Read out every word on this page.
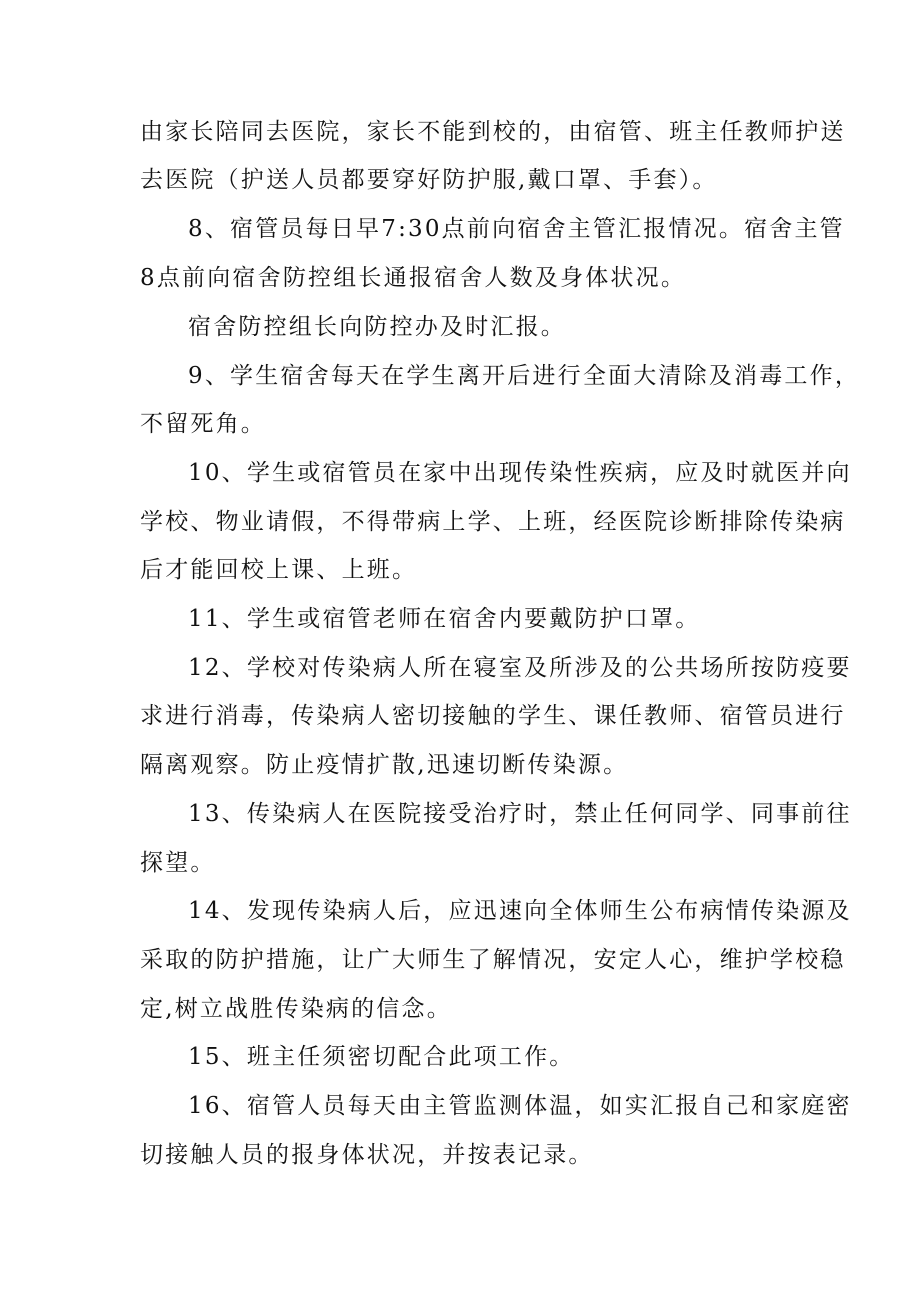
由家长陪同去医院，家长不能到校的，由宿管、班主任教师护送
去医院（护送人员都要穿好防护服,戴口罩、手套）。
8、宿管员每日早7:30点前向宿舍主管汇报情况。宿舍主管
8点前向宿舍防控组长通报宿舍人数及身体状况。
宿舍防控组长向防控办及时汇报。
9、学生宿舍每天在学生离开后进行全面大清除及消毒工作，
不留死角。
10、学生或宿管员在家中出现传染性疾病，应及时就医并向
学校、物业请假，不得带病上学、上班，经医院诊断排除传染病
后才能回校上课、上班。
11、学生或宿管老师在宿舍内要戴防护口罩。
12、学校对传染病人所在寝室及所涉及的公共场所按防疫要
求进行消毒，传染病人密切接触的学生、课任教师、宿管员进行
隔离观察。防止疫情扩散,迅速切断传染源。
13、传染病人在医院接受治疗时，禁止任何同学、同事前往
探望。
14、发现传染病人后，应迅速向全体师生公布病情传染源及
采取的防护措施，让广大师生了解情况，安定人心，维护学校稳
定,树立战胜传染病的信念。
15、班主任须密切配合此项工作。
16、宿管人员每天由主管监测体温，如实汇报自己和家庭密
切接触人员的报身体状况，并按表记录。
